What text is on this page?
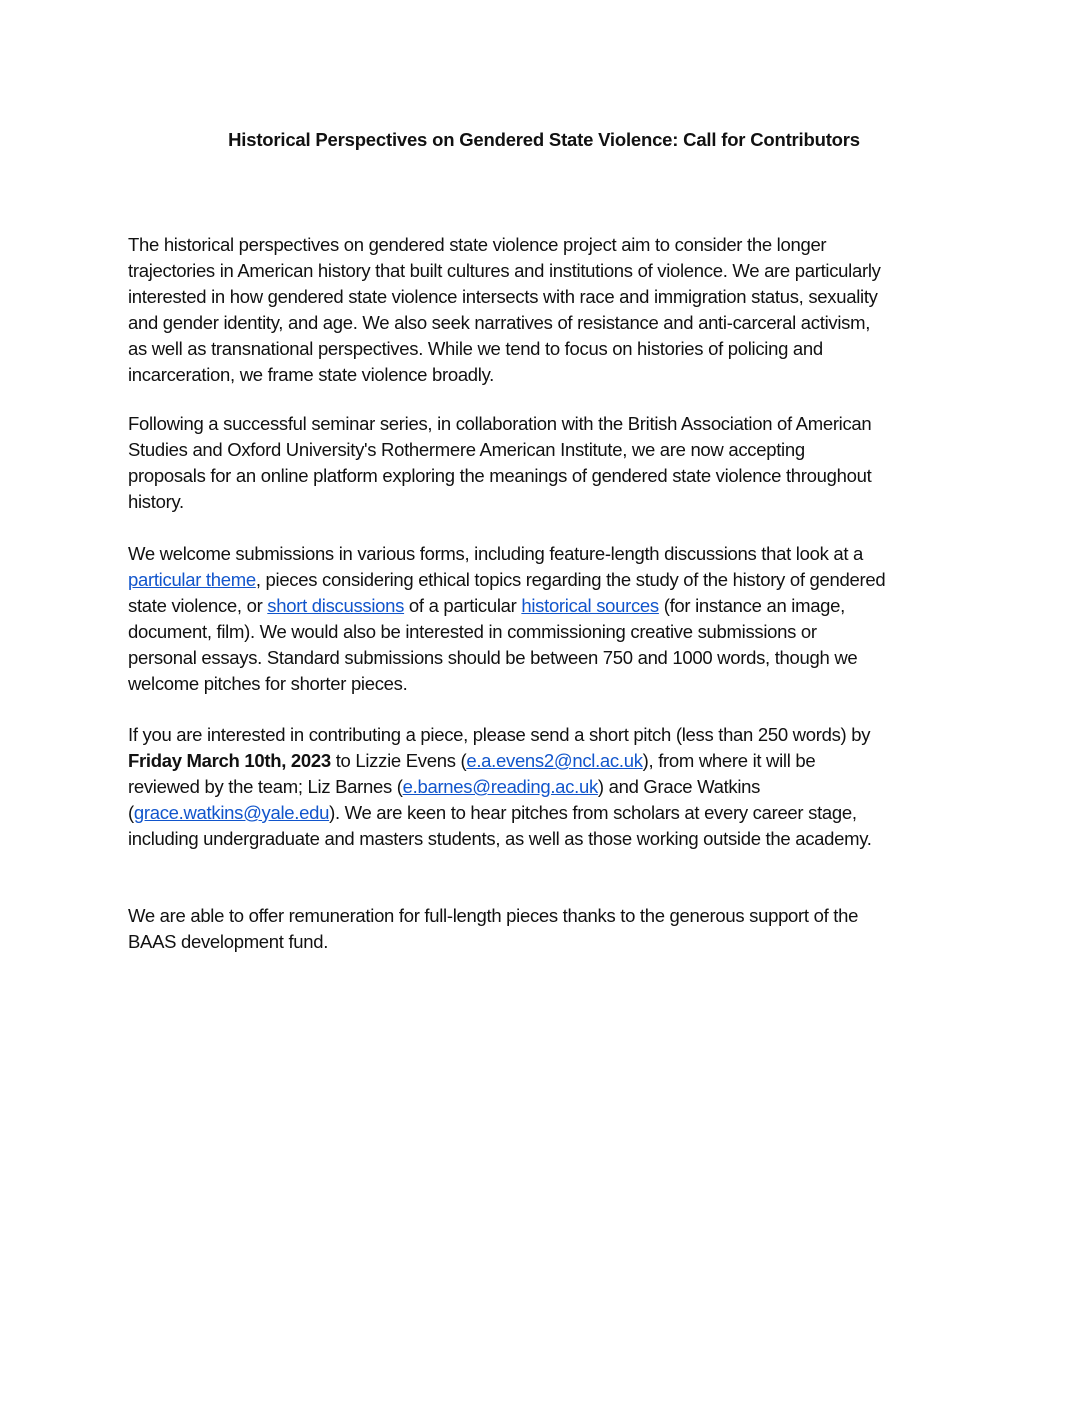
Historical Perspectives on Gendered State Violence: Call for Contributors
The historical perspectives on gendered state violence project aim to consider the longer
trajectories in American history that built cultures and institutions of violence. We are particularly
interested in how gendered state violence intersects with race and immigration status, sexuality
and gender identity, and age. We also seek narratives of resistance and anti-carceral activism,
as well as transnational perspectives. While we tend to focus on histories of policing and
incarceration, we frame state violence broadly.
Following a successful seminar series, in collaboration with the British Association of American
Studies and Oxford University's Rothermere American Institute, we are now accepting
proposals for an online platform exploring the meanings of gendered state violence throughout
history.
We welcome submissions in various forms, including feature-length discussions that look at a
particular theme, pieces considering ethical topics regarding the study of the history of gendered
state violence, or short discussions of a particular historical sources (for instance an image,
document, film). We would also be interested in commissioning creative submissions or
personal essays. Standard submissions should be between 750 and 1000 words, though we
welcome pitches for shorter pieces.
If you are interested in contributing a piece, please send a short pitch (less than 250 words) by
Friday March 10th, 2023 to Lizzie Evens (e.a.evens2@ncl.ac.uk), from where it will be
reviewed by the team; Liz Barnes (e.barnes@reading.ac.uk) and Grace Watkins
(grace.watkins@yale.edu). We are keen to hear pitches from scholars at every career stage,
including undergraduate and masters students, as well as those working outside the academy.
We are able to offer remuneration for full-length pieces thanks to the generous support of the
BAAS development fund.
